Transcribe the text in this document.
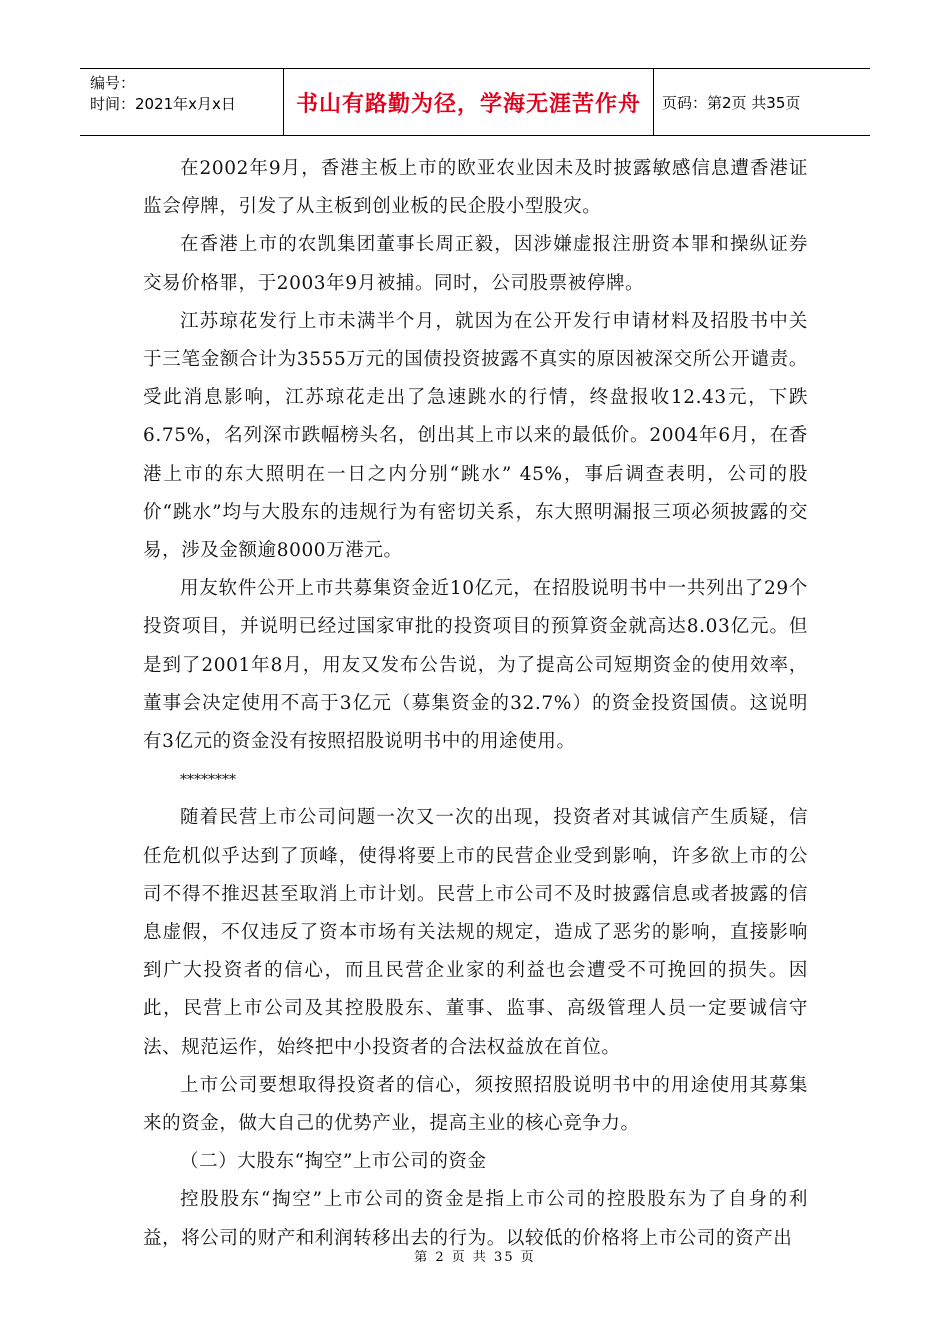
编号：
时间：2021年x月x日	书山有路勤为径，学海无涯苦作舟	页码：第2页 共35页

在2002年9月，香港主板上市的欧亚农业因未及时披露敏感信息遭香港证监会停牌，引发了从主板到创业板的民企股小型股灾。

在香港上市的农凯集团董事长周正毅，因涉嫌虚报注册资本罪和操纵证券交易价格罪，于2003年9月被捕。同时，公司股票被停牌。

江苏琼花发行上市未满半个月，就因为在公开发行申请材料及招股书中关于三笔金额合计为3555万元的国债投资披露不真实的原因被深交所公开谴责。受此消息影响，江苏琼花走出了急速跳水的行情，终盘报收12.43元，下跌6.75%，名列深市跌幅榜头名，创出其上市以来的最低价。2004年6月，在香港上市的东大照明在一日之内分别“跳水” 45%，事后调查表明，公司的股价“跳水”均与大股东的违规行为有密切关系，东大照明漏报三项必须披露的交易，涉及金额逾8000万港元。

用友软件公开上市共募集资金近10亿元，在招股说明书中一共列出了29个投资项目，并说明已经过国家审批的投资项目的预算资金就高达8.03亿元。但是到了2001年8月，用友又发布公告说，为了提高公司短期资金的使用效率，董事会决定使用不高于3亿元（募集资金的32.7%）的资金投资国债。这说明有3亿元的资金没有按照招股说明书中的用途使用。

********

随着民营上市公司问题一次又一次的出现，投资者对其诚信产生质疑，信任危机似乎达到了顶峰，使得将要上市的民营企业受到影响，许多欲上市的公司不得不推迟甚至取消上市计划。民营上市公司不及时披露信息或者披露的信息虚假，不仅违反了资本市场有关法规的规定，造成了恶劣的影响，直接影响到广大投资者的信心，而且民营企业家的利益也会遭受不可挽回的损失。因此，民营上市公司及其控股股东、董事、监事、高级管理人员一定要诚信守法、规范运作，始终把中小投资者的合法权益放在首位。

上市公司要想取得投资者的信心，须按照招股说明书中的用途使用其募集来的资金，做大自己的优势产业，提高主业的核心竞争力。

（二）大股东“掏空”上市公司的资金

控股股东“掏空”上市公司的资金是指上市公司的控股股东为了自身的利益，将公司的财产和利润转移出去的行为。以较低的价格将上市公司的资产出

第 2 页 共 35 页
